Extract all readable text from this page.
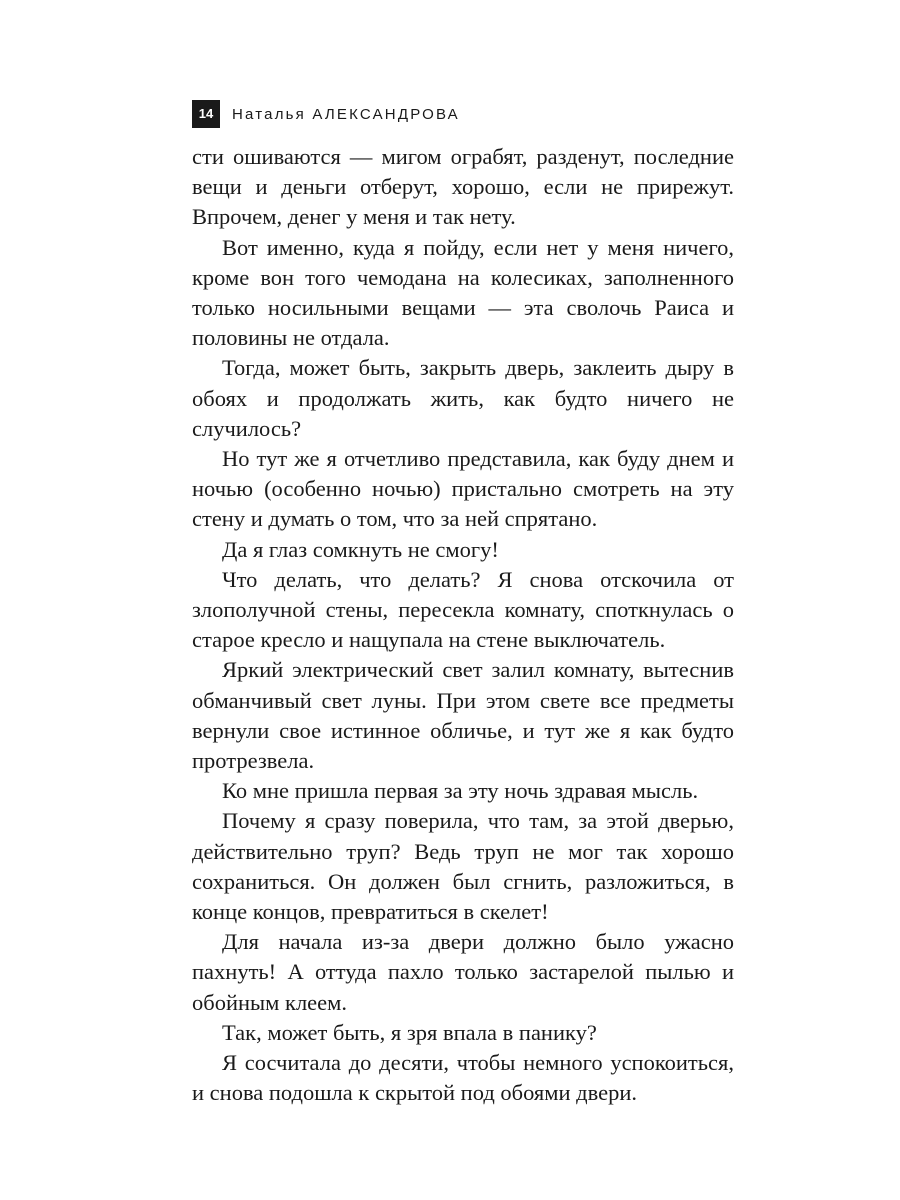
14	Наталья АЛЕКСАНДРОВА

сти ошиваются — мигом ограбят, разденут, последние вещи и деньги отберут, хорошо, если не прирежут. Впрочем, денег у меня и так нету.

Вот именно, куда я пойду, если нет у меня ничего, кроме вон того чемодана на колесиках, заполненного только носильными вещами — эта сволочь Раиса и половины не отдала.

Тогда, может быть, закрыть дверь, заклеить дыру в обоях и продолжать жить, как будто ничего не случилось?

Но тут же я отчетливо представила, как буду днем и ночью (особенно ночью) пристально смотреть на эту стену и думать о том, что за ней спрятано.

Да я глаз сомкнуть не смогу!

Что делать, что делать? Я снова отскочила от злополучной стены, пересекла комнату, споткнулась о старое кресло и нащупала на стене выключатель.

Яркий электрический свет залил комнату, вытеснив обманчивый свет луны. При этом свете все предметы вернули свое истинное обличье, и тут же я как будто протрезвела.

Ко мне пришла первая за эту ночь здравая мысль.

Почему я сразу поверила, что там, за этой дверью, действительно труп? Ведь труп не мог так хорошо сохраниться. Он должен был сгнить, разложиться, в конце концов, превратиться в скелет!

Для начала из-за двери должно было ужасно пахнуть! А оттуда пахло только застарелой пылью и обойным клеем.

Так, может быть, я зря впала в панику?

Я сосчитала до десяти, чтобы немного успокоиться, и снова подошла к скрытой под обоями двери.
